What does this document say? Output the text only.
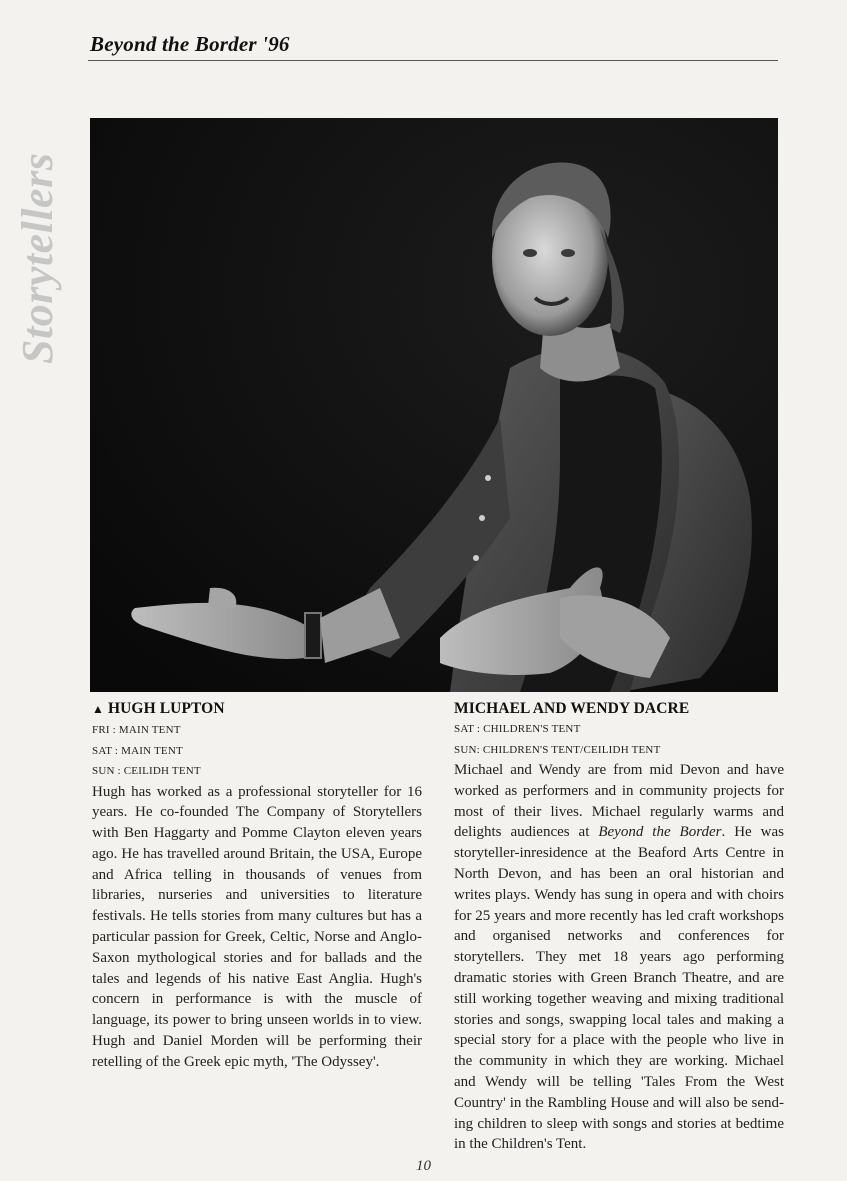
Beyond the Border '96
Storytellers
▲ HUGH LUPTON
FRI : MAIN TENT
SAT : MAIN TENT
SUN : CEILIDH TENT
Hugh has worked as a professional storyteller for 16 years. He co-founded The Company of Storytellers with Ben Haggarty and Pomme Clayton eleven years ago. He has travelled around Britain, the USA, Europe and Africa telling in thousands of venues from libraries, nurseries and universities to literature festivals. He tells stories from many cultures but has a particular passion for Greek, Celtic, Norse and Anglo-Saxon mythological stories and for ballads and the tales and legends of his native East Anglia. Hugh's concern in performance is with the muscle of language, its power to bring unseen worlds in to view. Hugh and Daniel Morden will be performing their retelling of the Greek epic myth, 'The Odyssey'.
MICHAEL AND WENDY DACRE
SAT : CHILDREN'S TENT
SUN: CHILDREN'S TENT/CEILIDH TENT
Michael and Wendy are from mid Devon and have worked as performers and in community projects for most of their lives. Michael regularly warms and delights audiences at Beyond the Border. He was storyteller-inresidence at the Beaford Arts Centre in North Devon, and has been an oral historian and writes plays. Wendy has sung in opera and with choirs for 25 years and more recently has led craft workshops and organised networks and conferences for storytellers. They met 18 years ago performing dramatic stories with Green Branch Theatre, and are still working together weaving and mixing traditional stories and songs, swapping local tales and making a special story for a place with the people who live in the community in which they are working. Michael and Wendy will be telling 'Tales From the West Country' in the Rambling House and will also be sending children to sleep with songs and stories at bedtime in the Children's Tent.
10
